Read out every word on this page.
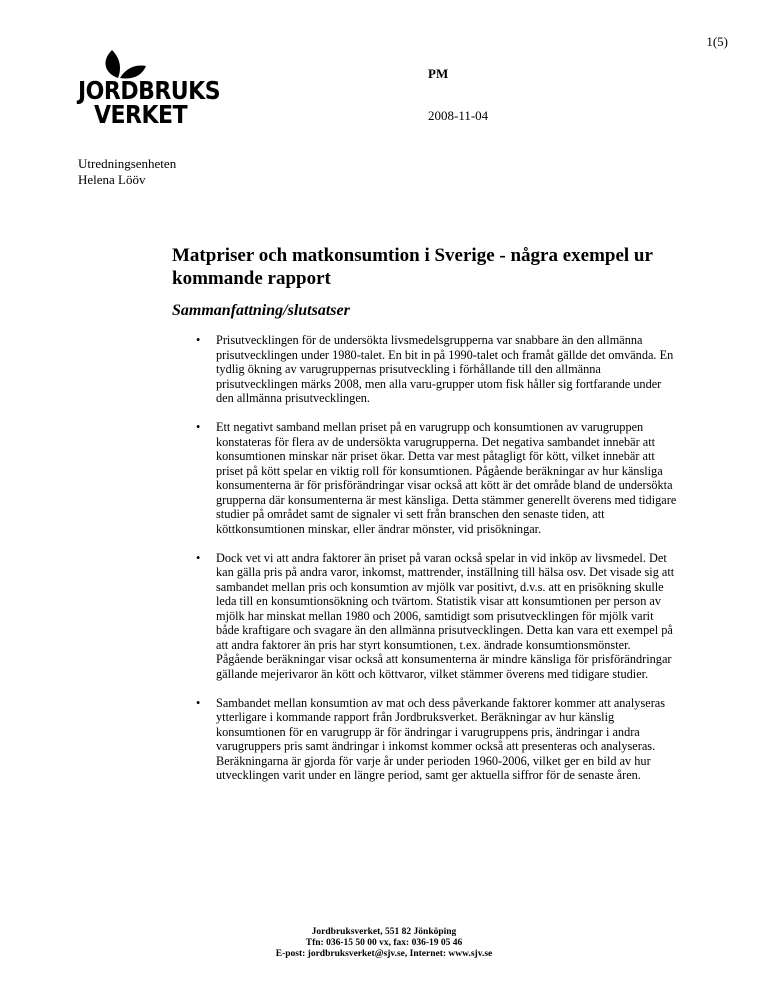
1(5)
JORDBRUKS
VERKET
PM
2008-11-04
Utredningsenheten
Helena Lööv
Matpriser och matkonsumtion i Sverige - några exempel ur kommande rapport
Sammanfattning/slutsatser
• Prisutvecklingen för de undersökta livsmedelsgrupperna var snabbare än den allmänna prisutvecklingen under 1980-talet. En bit in på 1990-talet och framåt gällde det omvända. En tydlig ökning av varugruppernas prisutveckling i förhållande till den allmänna prisutvecklingen märks 2008, men alla varu-grupper utom fisk håller sig fortfarande under den allmänna prisutvecklingen.
• Ett negativt samband mellan priset på en varugrupp och konsumtionen av varugruppen konstateras för flera av de undersökta varugrupperna. Det negativa sambandet innebär att konsumtionen minskar när priset ökar. Detta var mest påtagligt för kött, vilket innebär att priset på kött spelar en viktig roll för konsumtionen. Pågående beräkningar av hur känsliga konsumenterna är för prisförändringar visar också att kött är det område bland de undersökta grupperna där konsumenterna är mest känsliga. Detta stämmer generellt överens med tidigare studier på området samt de signaler vi sett från branschen den senaste tiden, att köttkonsumtionen minskar, eller ändrar mönster, vid prisökningar.
• Dock vet vi att andra faktorer än priset på varan också spelar in vid inköp av livsmedel. Det kan gälla pris på andra varor, inkomst, mattrender, inställning till hälsa osv. Det visade sig att sambandet mellan pris och konsumtion av mjölk var positivt, d.v.s. att en prisökning skulle leda till en konsumtionsökning och tvärtom. Statistik visar att konsumtionen per person av mjölk har minskat mellan 1980 och 2006, samtidigt som prisutvecklingen för mjölk varit både kraftigare och svagare än den allmänna prisutvecklingen. Detta kan vara ett exempel på att andra faktorer än pris har styrt konsumtionen, t.ex. ändrade konsumtionsmönster. Pågående beräkningar visar också att konsumenterna är mindre känsliga för prisförändringar gällande mejerivaror än kött och köttvaror, vilket stämmer överens med tidigare studier.
• Sambandet mellan konsumtion av mat och dess påverkande faktorer kommer att analyseras ytterligare i kommande rapport från Jordbruksverket. Beräkningar av hur känslig konsumtionen för en varugrupp är för ändringar i varugruppens pris, ändringar i andra varugruppers pris samt ändringar i inkomst kommer också att presenteras och analyseras. Beräkningarna är gjorda för varje år under perioden 1960-2006, vilket ger en bild av hur utvecklingen varit under en längre period, samt ger aktuella siffror för de senaste åren.
Jordbruksverket, 551 82 Jönköping
Tfn: 036-15 50 00 vx, fax: 036-19 05 46
E-post: jordbruksverket@sjv.se, Internet: www.sjv.se
